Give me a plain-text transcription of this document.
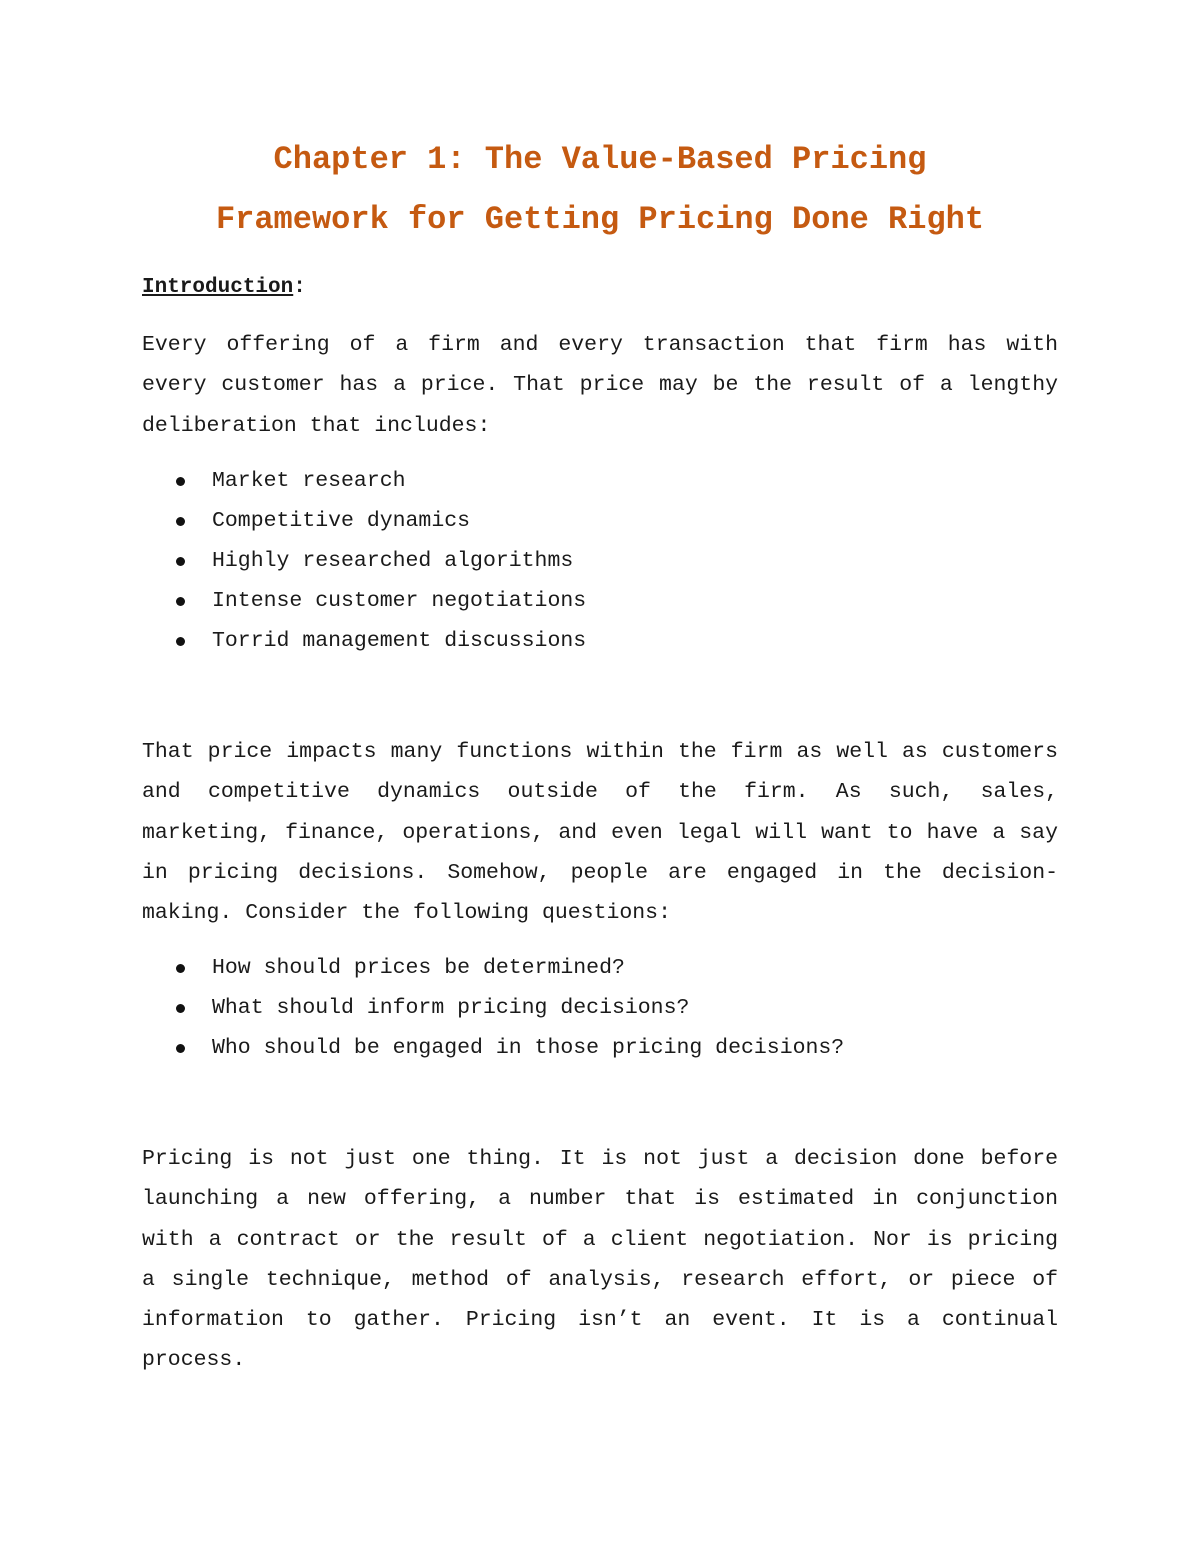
Chapter 1: The Value-Based Pricing
Framework for Getting Pricing Done Right
Introduction:

Every offering of a firm and every transaction that firm has with every customer has a price. That price may be the result of a lengthy deliberation that includes:

Market research
Competitive dynamics
Highly researched algorithms
Intense customer negotiations
Torrid management discussions

That price impacts many functions within the firm as well as customers and competitive dynamics outside of the firm. As such, sales, marketing, finance, operations, and even legal will want to have a say in pricing decisions. Somehow, people are engaged in the decision-making. Consider the following questions:

How should prices be determined?
What should inform pricing decisions?
Who should be engaged in those pricing decisions?

Pricing is not just one thing. It is not just a decision done before launching a new offering, a number that is estimated in conjunction with a contract or the result of a client negotiation. Nor is pricing a single technique, method of analysis, research effort, or piece of information to gather. Pricing isn’t an event. It is a continual process.
